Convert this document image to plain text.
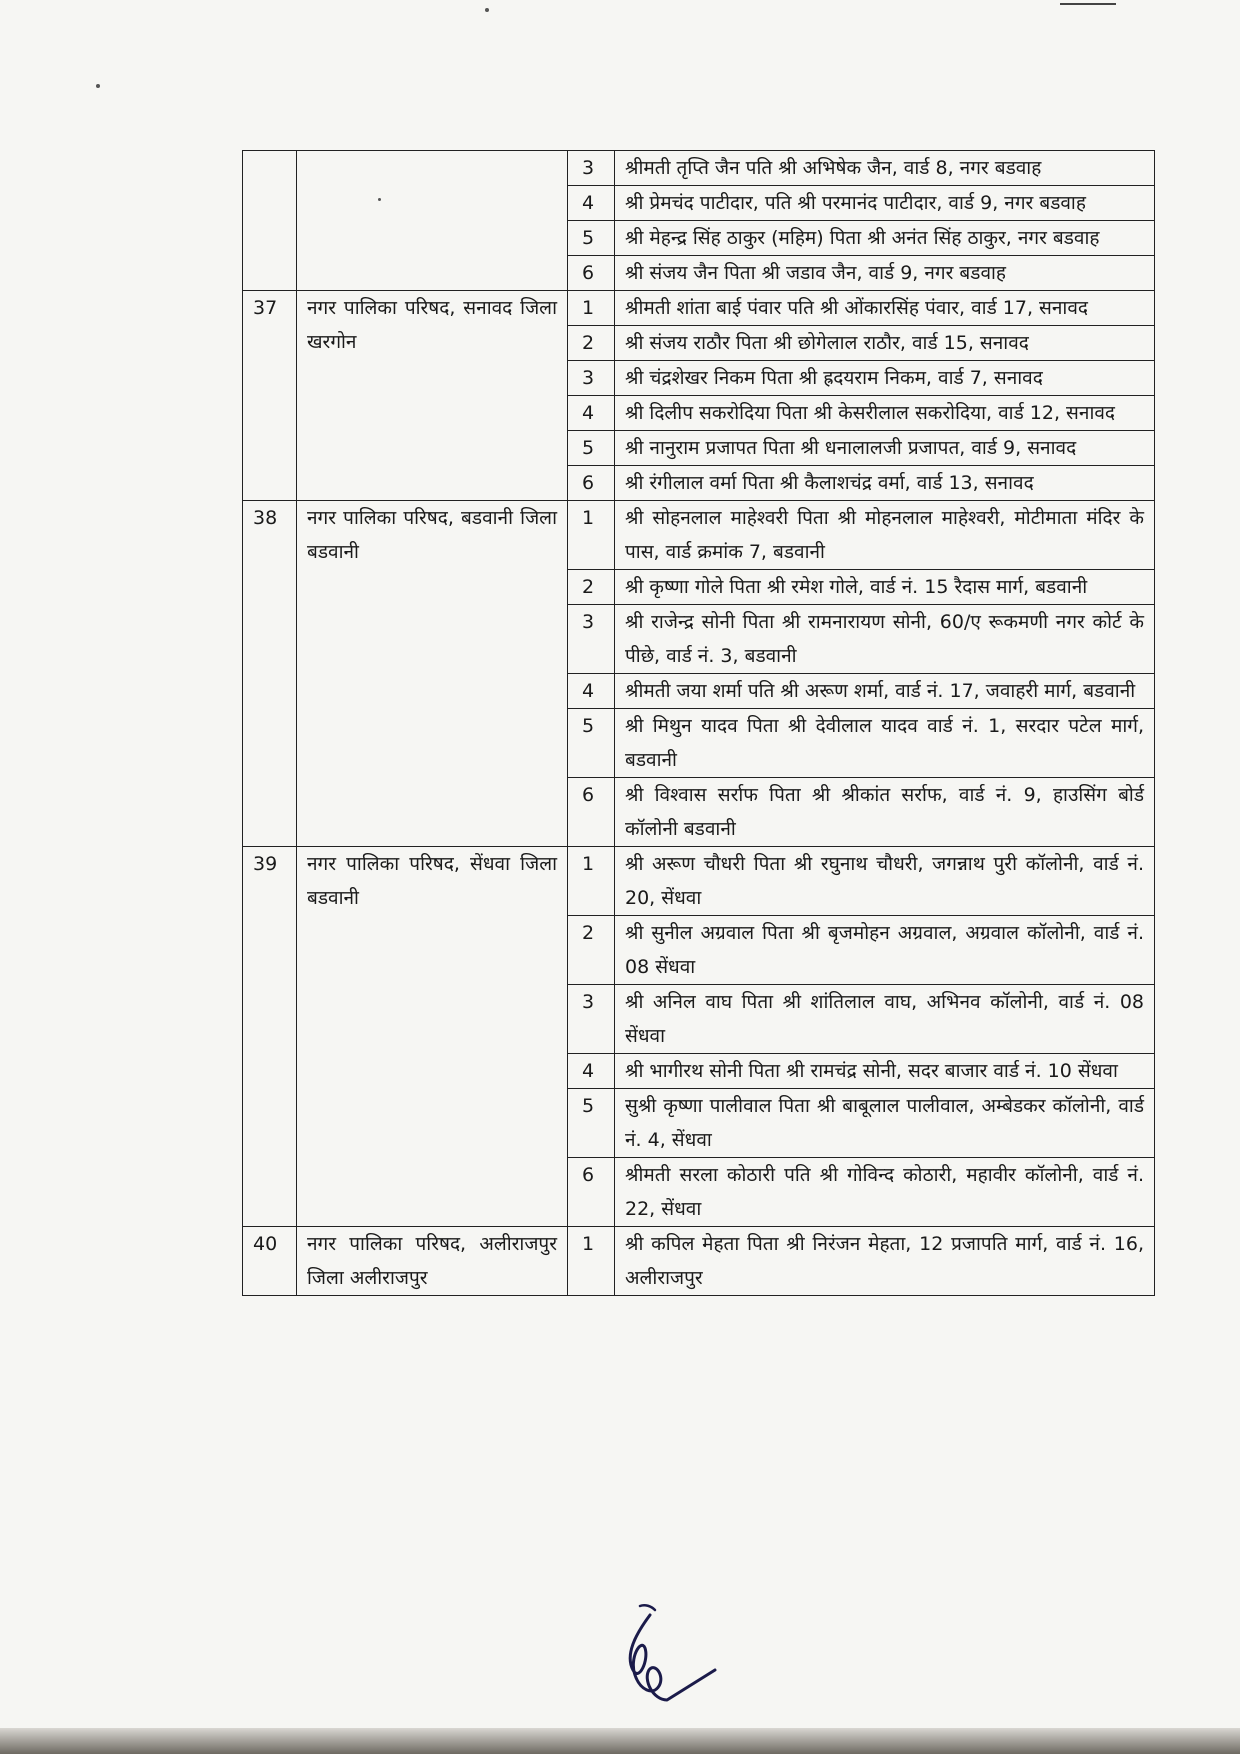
		3	श्रीमती तृप्ति जैन पति श्री अभिषेक जैन, वार्ड 8, नगर बडवाह
		4	श्री प्रेमचंद पाटीदार, पति श्री परमानंद पाटीदार, वार्ड 9, नगर बडवाह
		5	श्री मेहन्द्र सिंह ठाकुर (महिम) पिता श्री अनंत सिंह ठाकुर, नगर बडवाह
		6	श्री संजय जैन पिता श्री जडाव जैन, वार्ड 9, नगर बडवाह
37	नगर पालिका परिषद, सनावद जिला खरगोन	1	श्रीमती शांता बाई पंवार पति श्री ओंकारसिंह पंवार, वार्ड 17, सनावद
		2	श्री संजय राठौर पिता श्री छोगेलाल राठौर, वार्ड 15, सनावद
		3	श्री चंद्रशेखर निकम पिता श्री ह्रदयराम निकम, वार्ड 7, सनावद
		4	श्री दिलीप सकरोदिया पिता श्री केसरीलाल सकरोदिया, वार्ड 12, सनावद
		5	श्री नानुराम प्रजापत पिता श्री धनालालजी प्रजापत, वार्ड 9, सनावद
		6	श्री रंगीलाल वर्मा पिता श्री कैलाशचंद्र वर्मा, वार्ड 13, सनावद
38	नगर पालिका परिषद, बडवानी जिला बडवानी	1	श्री सोहनलाल माहेश्वरी पिता श्री मोहनलाल माहेश्वरी, मोटीमाता मंदिर के पास, वार्ड क्रमांक 7, बडवानी
		2	श्री कृष्णा गोले पिता श्री रमेश गोले, वार्ड नं. 15 रैदास मार्ग, बडवानी
		3	श्री राजेन्द्र सोनी पिता श्री रामनारायण सोनी, 60/ए रूकमणी नगर कोर्ट के पीछे, वार्ड नं. 3, बडवानी
		4	श्रीमती जया शर्मा पति श्री अरूण शर्मा, वार्ड नं. 17, जवाहरी मार्ग, बडवानी
		5	श्री मिथुन यादव पिता श्री देवीलाल यादव वार्ड नं. 1, सरदार पटेल मार्ग, बडवानी
		6	श्री विश्वास सर्राफ पिता श्री श्रीकांत सर्राफ, वार्ड नं. 9, हाउसिंग बोर्ड कॉलोनी बडवानी
39	नगर पालिका परिषद, सेंधवा जिला बडवानी	1	श्री अरूण चौधरी पिता श्री रघुनाथ चौधरी, जगन्नाथ पुरी कॉलोनी, वार्ड नं. 20, सेंधवा
		2	श्री सुनील अग्रवाल पिता श्री बृजमोहन अग्रवाल, अग्रवाल कॉलोनी, वार्ड नं. 08 सेंधवा
		3	श्री अनिल वाघ पिता श्री शांतिलाल वाघ, अभिनव कॉलोनी, वार्ड नं. 08 सेंधवा
		4	श्री भागीरथ सोनी पिता श्री रामचंद्र सोनी, सदर बाजार वार्ड नं. 10 सेंधवा
		5	सुश्री कृष्णा पालीवाल पिता श्री बाबूलाल पालीवाल, अम्बेडकर कॉलोनी, वार्ड नं. 4, सेंधवा
		6	श्रीमती सरला कोठारी पति श्री गोविन्द कोठारी, महावीर कॉलोनी, वार्ड नं. 22, सेंधवा
40	नगर पालिका परिषद, अलीराजपुर जिला अलीराजपुर	1	श्री कपिल मेहता पिता श्री निरंजन मेहता, 12 प्रजापति मार्ग, वार्ड नं. 16, अलीराजपुर
